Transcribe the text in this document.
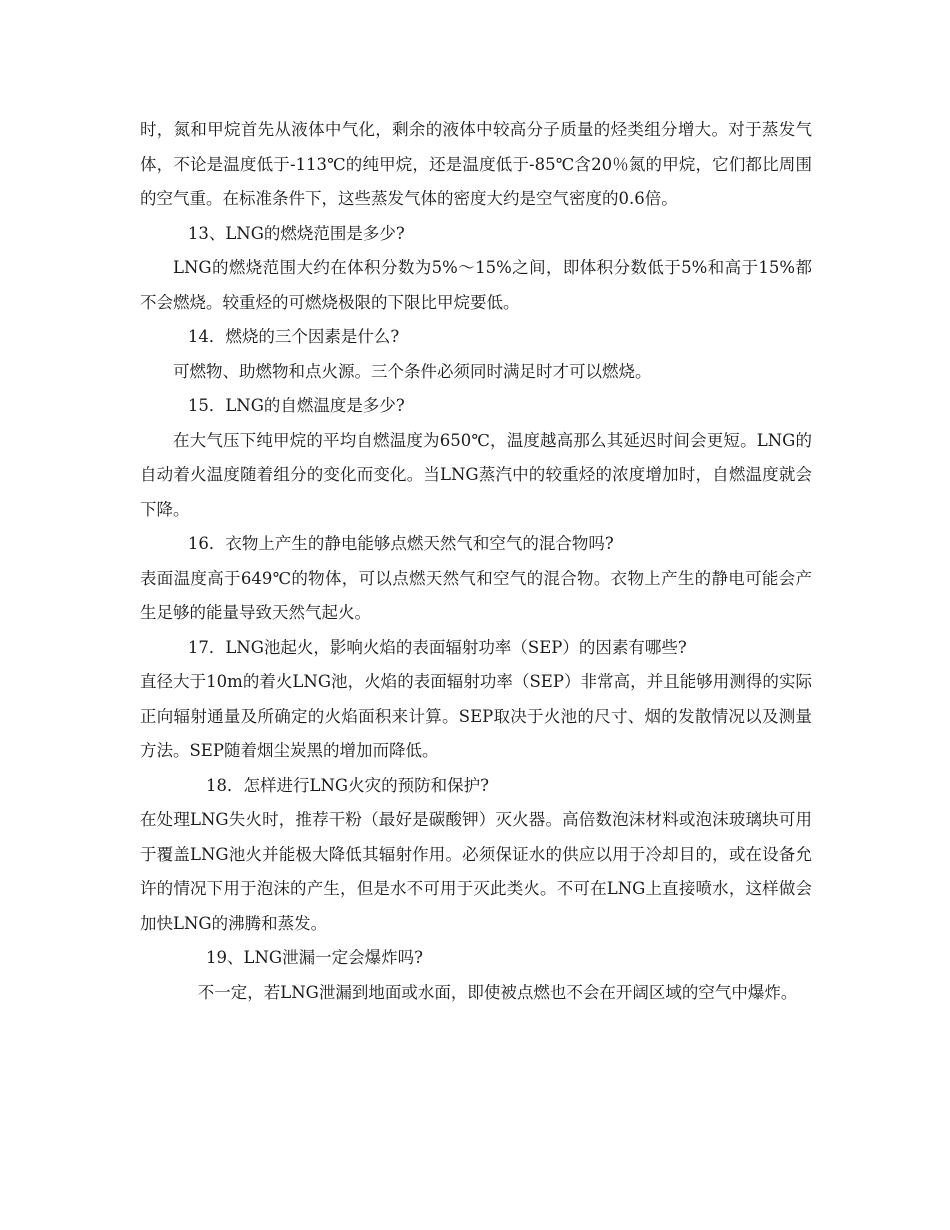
时，氮和甲烷首先从液体中气化，剩余的液体中较高分子质量的烃类组分增大。对于蒸发气体，不论是温度低于-113℃的纯甲烷，还是温度低于-85℃含20％氮的甲烷，它们都比周围的空气重。在标准条件下，这些蒸发气体的密度大约是空气密度的0.6倍。

13、LNG的燃烧范围是多少?

LNG的燃烧范围大约在体积分数为5%～15%之间，即体积分数低于5%和高于15%都不会燃烧。较重烃的可燃烧极限的下限比甲烷要低。

14．燃烧的三个因素是什么?

可燃物、助燃物和点火源。三个条件必须同时满足时才可以燃烧。

15．LNG的自燃温度是多少?

在大气压下纯甲烷的平均自燃温度为650℃，温度越高那么其延迟时间会更短。LNG的自动着火温度随着组分的变化而变化。当LNG蒸汽中的较重烃的浓度增加时，自燃温度就会下降。

16．衣物上产生的静电能够点燃天然气和空气的混合物吗?

表面温度高于649℃的物体，可以点燃天然气和空气的混合物。衣物上产生的静电可能会产生足够的能量导致天然气起火。

17．LNG池起火，影响火焰的表面辐射功率（SEP）的因素有哪些?

直径大于10m的着火LNG池，火焰的表面辐射功率（SEP）非常高，并且能够用测得的实际正向辐射通量及所确定的火焰面积来计算。SEP取决于火池的尺寸、烟的发散情况以及测量方法。SEP随着烟尘炭黑的增加而降低。

18．怎样进行LNG火灾的预防和保护?

在处理LNG失火时，推荐干粉（最好是碳酸钾）灭火器。高倍数泡沫材料或泡沫玻璃块可用于覆盖LNG池火并能极大降低其辐射作用。必须保证水的供应以用于冷却目的，或在设备允许的情况下用于泡沫的产生，但是水不可用于灭此类火。不可在LNG上直接喷水，这样做会加快LNG的沸腾和蒸发。

19、LNG泄漏一定会爆炸吗?

不一定，若LNG泄漏到地面或水面，即使被点燃也不会在开阔区域的空气中爆炸。
